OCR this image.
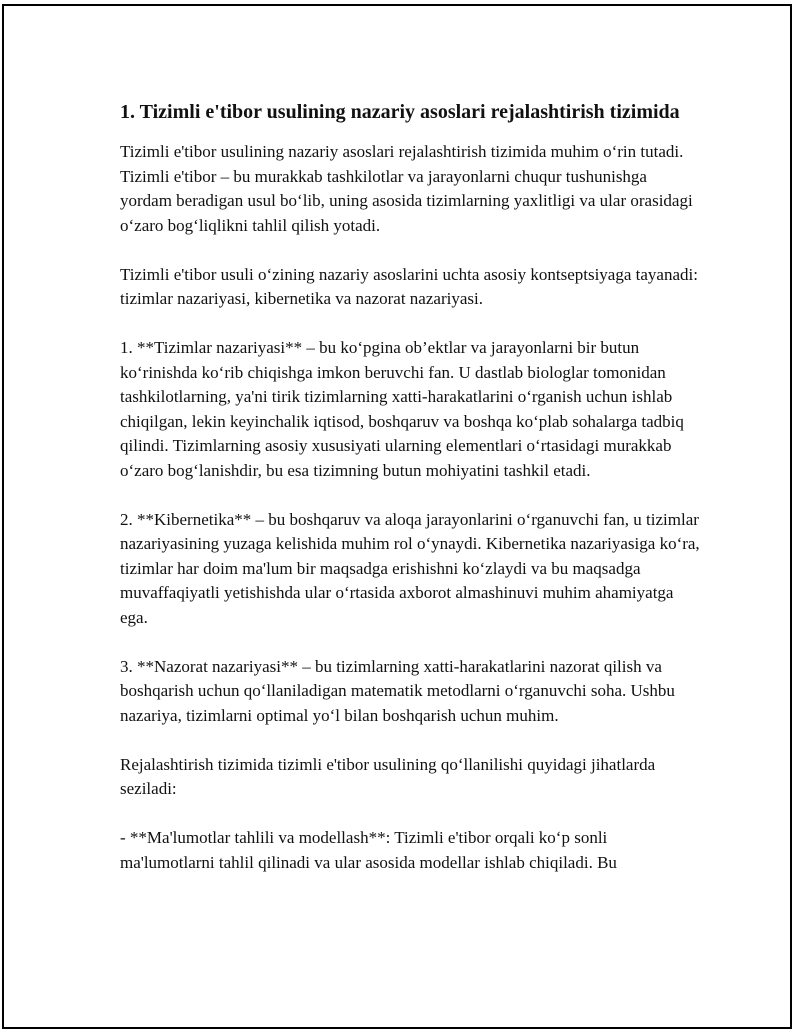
1. Tizimli e'tibor usulining nazariy asoslari rejalashtirish tizimida

Tizimli e'tibor usulining nazariy asoslari rejalashtirish tizimida muhim o‘rin tutadi. Tizimli e'tibor – bu murakkab tashkilotlar va jarayonlarni chuqur tushunishga yordam beradigan usul bo‘lib, uning asosida tizimlarning yaxlitligi va ular orasidagi o‘zaro bog‘liqlikni tahlil qilish yotadi.

Tizimli e'tibor usuli o‘zining nazariy asoslarini uchta asosiy kontseptsiyaga tayanadi: tizimlar nazariyasi, kibernetika va nazorat nazariyasi.

1. **Tizimlar nazariyasi** – bu ko‘pgina ob’ektlar va jarayonlarni bir butun ko‘rinishda ko‘rib chiqishga imkon beruvchi fan. U dastlab biologlar tomonidan tashkilotlarning, ya'ni tirik tizimlarning xatti-harakatlarini o‘rganish uchun ishlab chiqilgan, lekin keyinchalik iqtisod, boshqaruv va boshqa ko‘plab sohalarga tadbiq qilindi. Tizimlarning asosiy xususiyati ularning elementlari o‘rtasidagi murakkab o‘zaro bog‘lanishdir, bu esa tizimning butun mohiyatini tashkil etadi.

2. **Kibernetika** – bu boshqaruv va aloqa jarayonlarini o‘rganuvchi fan, u tizimlar nazariyasining yuzaga kelishida muhim rol o‘ynaydi. Kibernetika nazariyasiga ko‘ra, tizimlar har doim ma'lum bir maqsadga erishishni ko‘zlaydi va bu maqsadga muvaffaqiyatli yetishishda ular o‘rtasida axborot almashinuvi muhim ahamiyatga ega.

3. **Nazorat nazariyasi** – bu tizimlarning xatti-harakatlarini nazorat qilish va boshqarish uchun qo‘llaniladigan matematik metodlarni o‘rganuvchi soha. Ushbu nazariya, tizimlarni optimal yo‘l bilan boshqarish uchun muhim.

Rejalashtirish tizimida tizimli e'tibor usulining qo‘llanilishi quyidagi jihatlarda seziladi:

- **Ma'lumotlar tahlili va modellash**: Tizimli e'tibor orqali ko‘p sonli ma'lumotlarni tahlil qilinadi va ular asosida modellar ishlab chiqiladi. Bu
